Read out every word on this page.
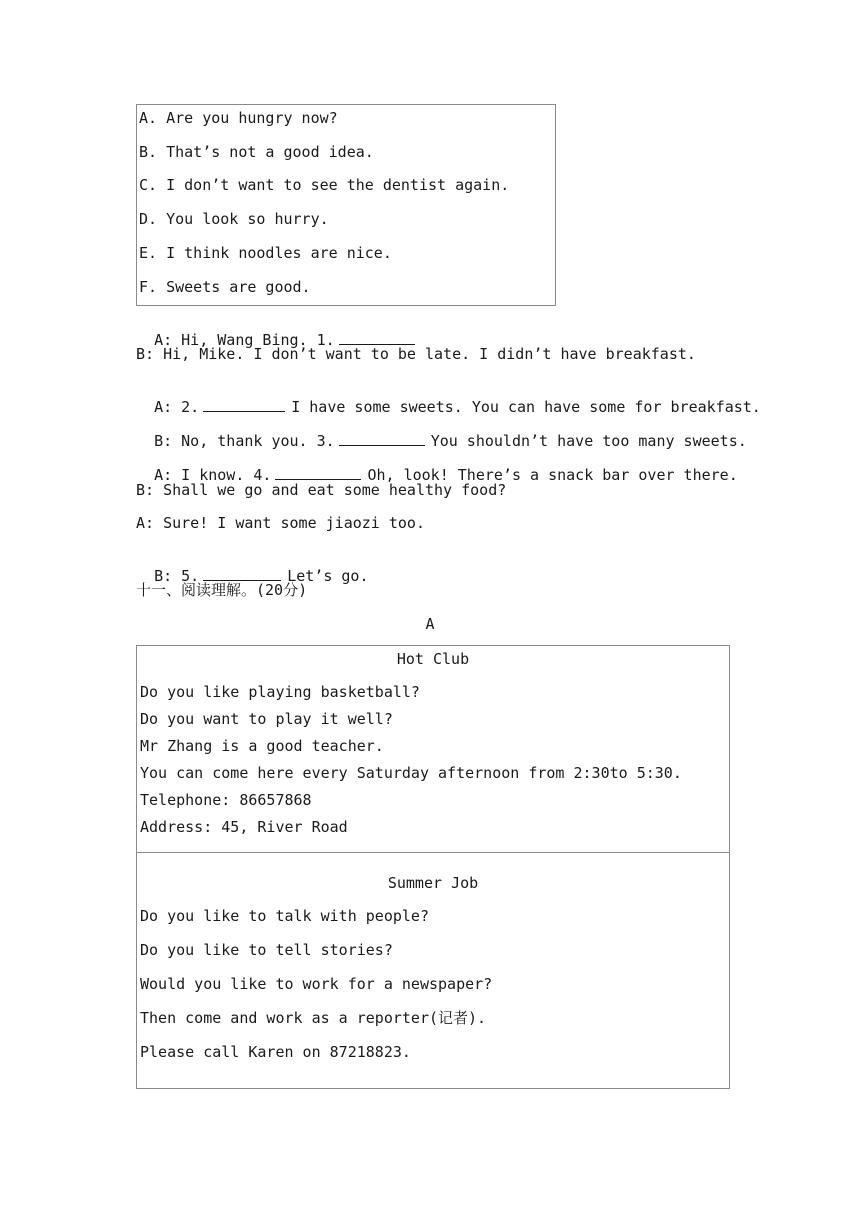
A. Are you hungry now?
B. That’s not a good idea.
C. I don’t want to see the dentist again.
D. You look so hurry.
E. I think noodles are nice.
F. Sweets are good.

A: Hi, Wang Bing. 1.

B: Hi, Mike. I don’t want to be late. I didn’t have breakfast.

A: 2.	I have some sweets. You can have some for breakfast.

B: No, thank you. 3.	You shouldn’t have too many sweets.

A: I know. 4.	Oh, look! There’s a snack bar over there.

B: Shall we go and eat some healthy food?
A: Sure! I want some jiaozi too.

B: 5.	Let’s go.

十一、阅读理解。(20分)
A
Hot Club
Do you like playing basketball?
Do you want to play it well?
Mr Zhang is a good teacher.
You can come here every Saturday afternoon from 2:30to 5:30.
Telephone: 86657868
Address: 45, River Road
Summer Job
Do you like to talk with people?
Do you like to tell stories?
Would you like to work for a newspaper?
Then come and work as a reporter(记者).
Please call Karen on 87218823.
